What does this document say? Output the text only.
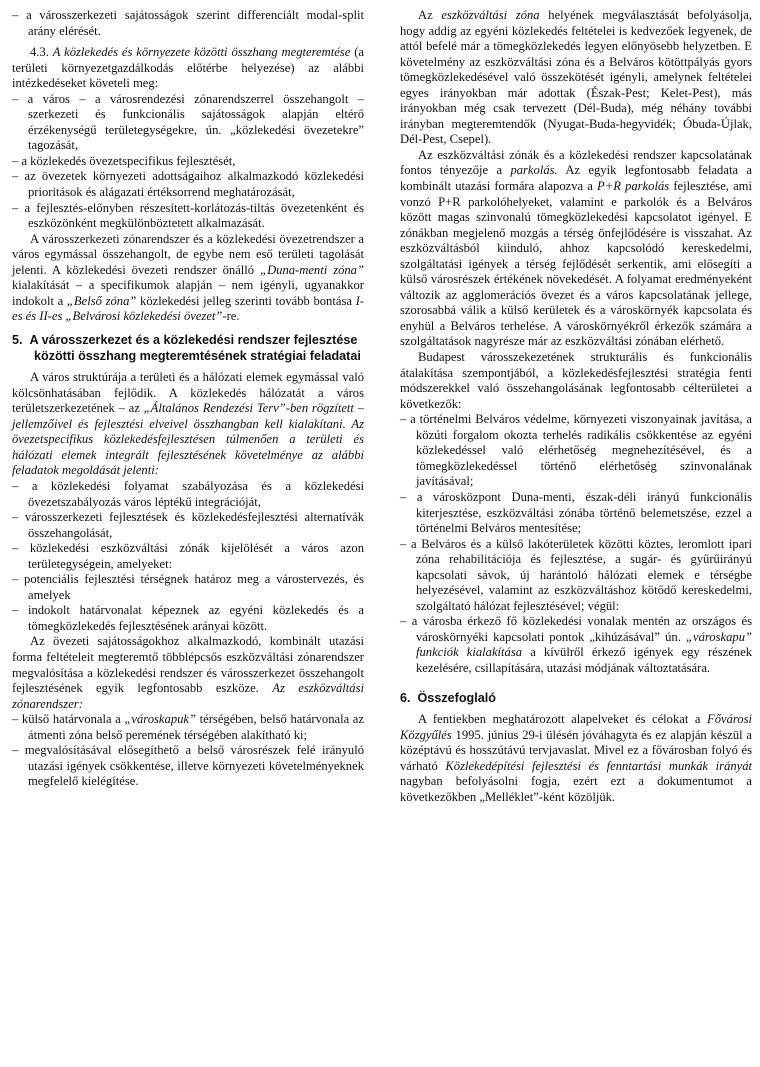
– a városszerkezeti sajátosságok szerint differenciált modal-split arány elérését.

4.3. A közlekedés és környezete közötti összhang megteremtése (a területi környezetgazdálkodás előtérbe helyezése) az alábbi intézkedéseket követeli meg:

– a város – a városrendezési zónarendszerrel összehangolt – szerkezeti és funkcionális sajátosságok alapján eltérő érzékenységű területegységekre, ún. „közlekedési övezetekre” tagozását,

– a közlekedés övezetspecifikus fejlesztését,

– az övezetek környezeti adottságaihoz alkalmazkodó közlekedési prioritások és alágazati értéksorrend meghatározását,

– a fejlesztés-előnyben részesített-korlátozás-tiltás övezetenként és eszközönként megkülönböztetett alkalmazását.

A városszerkezeti zónarendszer és a közlekedési övezetrendszer a város egymással összehangolt, de egybe nem eső területi tagolását jelenti. A közlekedési övezeti rendszer önálló „Duna-menti zóna” kialakítását – a specifikumok alapján – nem igényli, ugyanakkor indokolt a „Belső zóna” közlekedési jelleg szerinti tovább bontása I-es és II-es „Belvárosi közlekedési övezet”-re.

5. A városszerkezet és a közlekedési rendszer fejlesztése közötti összhang megteremtésének stratégiai feladatai

A város struktúrája a területi és a hálózati elemek egymással való kölcsönhatásában fejlődik. A közlekedés hálózatát a város területszerkezetének – az „Általános Rendezési Terv”-ben rögzített – jellemzőivel és fejlesztési elveivel összhangban kell kialakítani. Az övezetspecifikus közlekedésfejlesztésen túlmenően a területi és hálózati elemek integrált fejlesztésének követelménye az alábbi feladatok megoldását jelenti:

– a közlekedési folyamat szabályozása és a közlekedési övezetszabályozás város léptékű integrációját,

– városszerkezeti fejlesztések és közlekedésfejlesztési alternatívák összehangolását,

– közlekedési eszközváltási zónák kijelölését a város azon területegységein, amelyeket:

– potenciális fejlesztési térségnek határoz meg a várostervezés, és amelyek

– indokolt határvonalat képeznek az egyéni közlekedés és a tömegközlekedés fejlesztésének arányai között.

Az övezeti sajátosságokhoz alkalmazkodó, kombinált utazási forma feltételeit megteremtő többlépcsős eszközváltási zónarendszer megvalósítása a közlekedési rendszer és városszerkezet összehangolt fejlesztésének egyik legfontosabb eszköze. Az eszközváltási zónarendszer:

– külső határvonala a „városkapuk” térségében, belső határvonala az átmenti zóna belső peremének térségében alakítható ki;

– megvalósításával elősegíthető a belső városrészek felé irányuló utazási igények csökkentése, illetve környezeti követelményeknek megfelelő kielégítése.

Az eszközváltási zóna helyének megválasztását befolyásolja, hogy addig az egyéni közlekedés feltételei is kedvezőek legyenek, de attól befelé már a tömegközlekedés legyen előnyösebb helyzetben. E követelmény az eszközváltási zóna és a Belváros kötöttpályás gyors tömegközlekedésével való összekötését igényli, amelynek feltételei egyes irányokban már adottak (Észak-Pest; Kelet-Pest), más irányokban még csak tervezett (Dél-Buda), még néhány további irányban megteremtendők (Nyugat-Buda-hegyvidék; Óbuda-Újlak, Dél-Pest, Csepel).

Az eszközváltási zónák és a közlekedési rendszer kapcsolatának fontos tényezője a parkolás. Az egyik legfontosabb feladata a kombinált utazási formára alapozva a P+R parkolás fejlesztése, ami vonzó P+R parkolóhelyeket, valamint e parkolók és a Belváros között magas szinvonalú tömegközlekedési kapcsolatot igényel. E zónákban megjelenő mozgás a térség önfejlődésére is visszahat. Az eszközváltásból kiinduló, ahhoz kapcsolódó kereskedelmi, szolgáltatási igények a térség fejlődését serkentik, ami elősegíti a külső városrészek értékének növekedését. A folyamat eredményeként változik az agglomerációs övezet és a város kapcsolatának jellege, szorosabbá válik a külső kerületek és a városkörnyék kapcsolata és enyhül a Belváros terhelése. A városkörnyékről érkezők számára a szolgáltatások nagyrésze már az eszközváltási zónában elérhető.

Budapest városszekezetének strukturális és funkcionális átalakítása szempontjából, a közlekedésfejlesztési stratégia fenti módszerekkel való összehangolásának legfontosabb célterületei a következők:

– a történelmi Belváros védelme, környezeti viszonyainak javítása, a közúti forgalom okozta terhelés radikális csökkentése az egyéni közlekedéssel való elérhetőség megnehezítésével, és a tömegközlekedéssel történő elérhetőség szinvonalának javításával;

– a városközpont Duna-menti, észak-déli irányú funkcionális kiterjesztése, eszközváltási zónába történő belemetszése, ezzel a történelmi Belváros mentesítése;

– a Belváros és a külső lakóterületek közötti köztes, leromlott ipari zóna rehabilitációja és fejlesztése, a sugár- és gyűrűirányú kapcsolati sávok, új harántoló hálózati elemek e térségbe helyezésével, valamint az eszközváltáshoz kötődő kereskedelmi, szolgáltató hálózat fejlesztésével; végül:

– a városba érkező fő közlekedési vonalak mentén az országos és városkörnyéki kapcsolati pontok „kihúzásával” ún. „városkapu” funkciók kialakítása a kívülről érkező igények egy részének kezelésére, csillapítására, utazási módjának változtatására.

6. Összefoglaló

A fentiekben meghatározott alapelveket és célokat a Fővárosi Közgyűlés 1995. június 29-i ülésén jóváhagyta és ez alapján készül a középtávú és hosszútávú tervjavaslat. Mivel ez a fővárosban folyó és várható Közlekedépítési fejlesztési és fenntartási munkák irányát nagyban befolyásolni fogja, ezért ezt a dokumentumot a következőkben „Melléklet”-ként közöljük.
